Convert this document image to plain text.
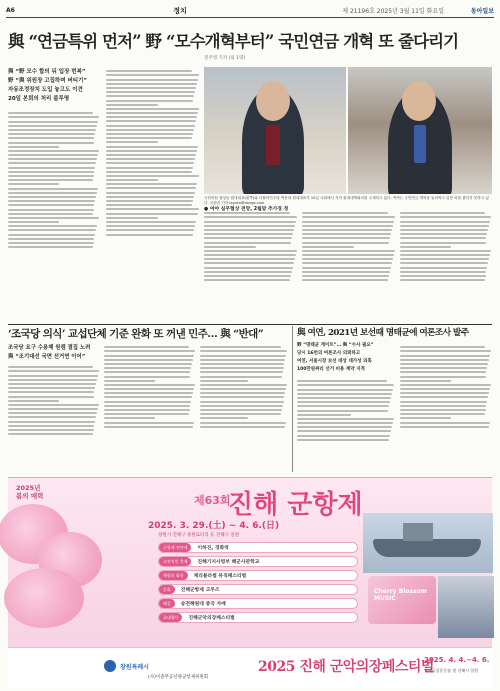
A6	정치	제 21196호 2025년 3월 11일 화요일	동아일보
與 “연금특위 먼저” 野 “모수개혁부터” 국민연금 개혁 또 줄다리기
전주영 기자 (외 1명)
與 “野 모수 합의 뒤 입장 번복”
野 “與 위원장 고집하며 버티기”
자동조정장치 도입 놓고도 이견
20일 본회의 처리 불투명
국민의힘 권성동 원내대표(왼쪽)와 더불어민주당 박찬대 원내대표가 10일 국회에서 각각 원내대책회의를 주재하고 있다. 여야는 국민연금 개혁을 둘러싸고 입장 차를 좁히지 못하고 있다. 신원건 기자 laputa@donga.com
● 여야 실무협상 전망, 2월말 추가경 정
‘조국당 의식’ 교섭단체 기준 완화 또 꺼낸 민주… 與 “반대”
조국당 요구 수용해 원캠 결집 노려
與 “조기대선 국면 선거연 이어”
與 여연, 2021년 보선때 명태균에 여론조사 발주
野 “명태균 게이트”… 與 “수사 필요”
당시 16번의 여론조사 의뢰하고
여연, 서울시장 보선 대상 대가성 의혹
100만원짜리 선거 비용 계약 지적
2025년
봄의 매력	제63회
진해 군항제
2025. 3. 29.(土) ~ 4. 6.(日)
창원시 진해구 중원로터리 등 진해구 일원
군항제 전야제	이하진, 경화역
고전적인 축제	진해기지사령부 해군사관학교
체험과 화합	체리블라썸 뮤직페스티벌
문화	진해군항제 크루즈
해상	송전해원대 중국 자매
초대행사	진해군악의장페스티벌
Cherry Blossom MUSIC
창원특례시
(사)이충무공선양군항제위원회
2025 진해 군악의장페스티벌
2025. 4. 4.~4. 6.
진해공설운동장 및 진해시 일원
